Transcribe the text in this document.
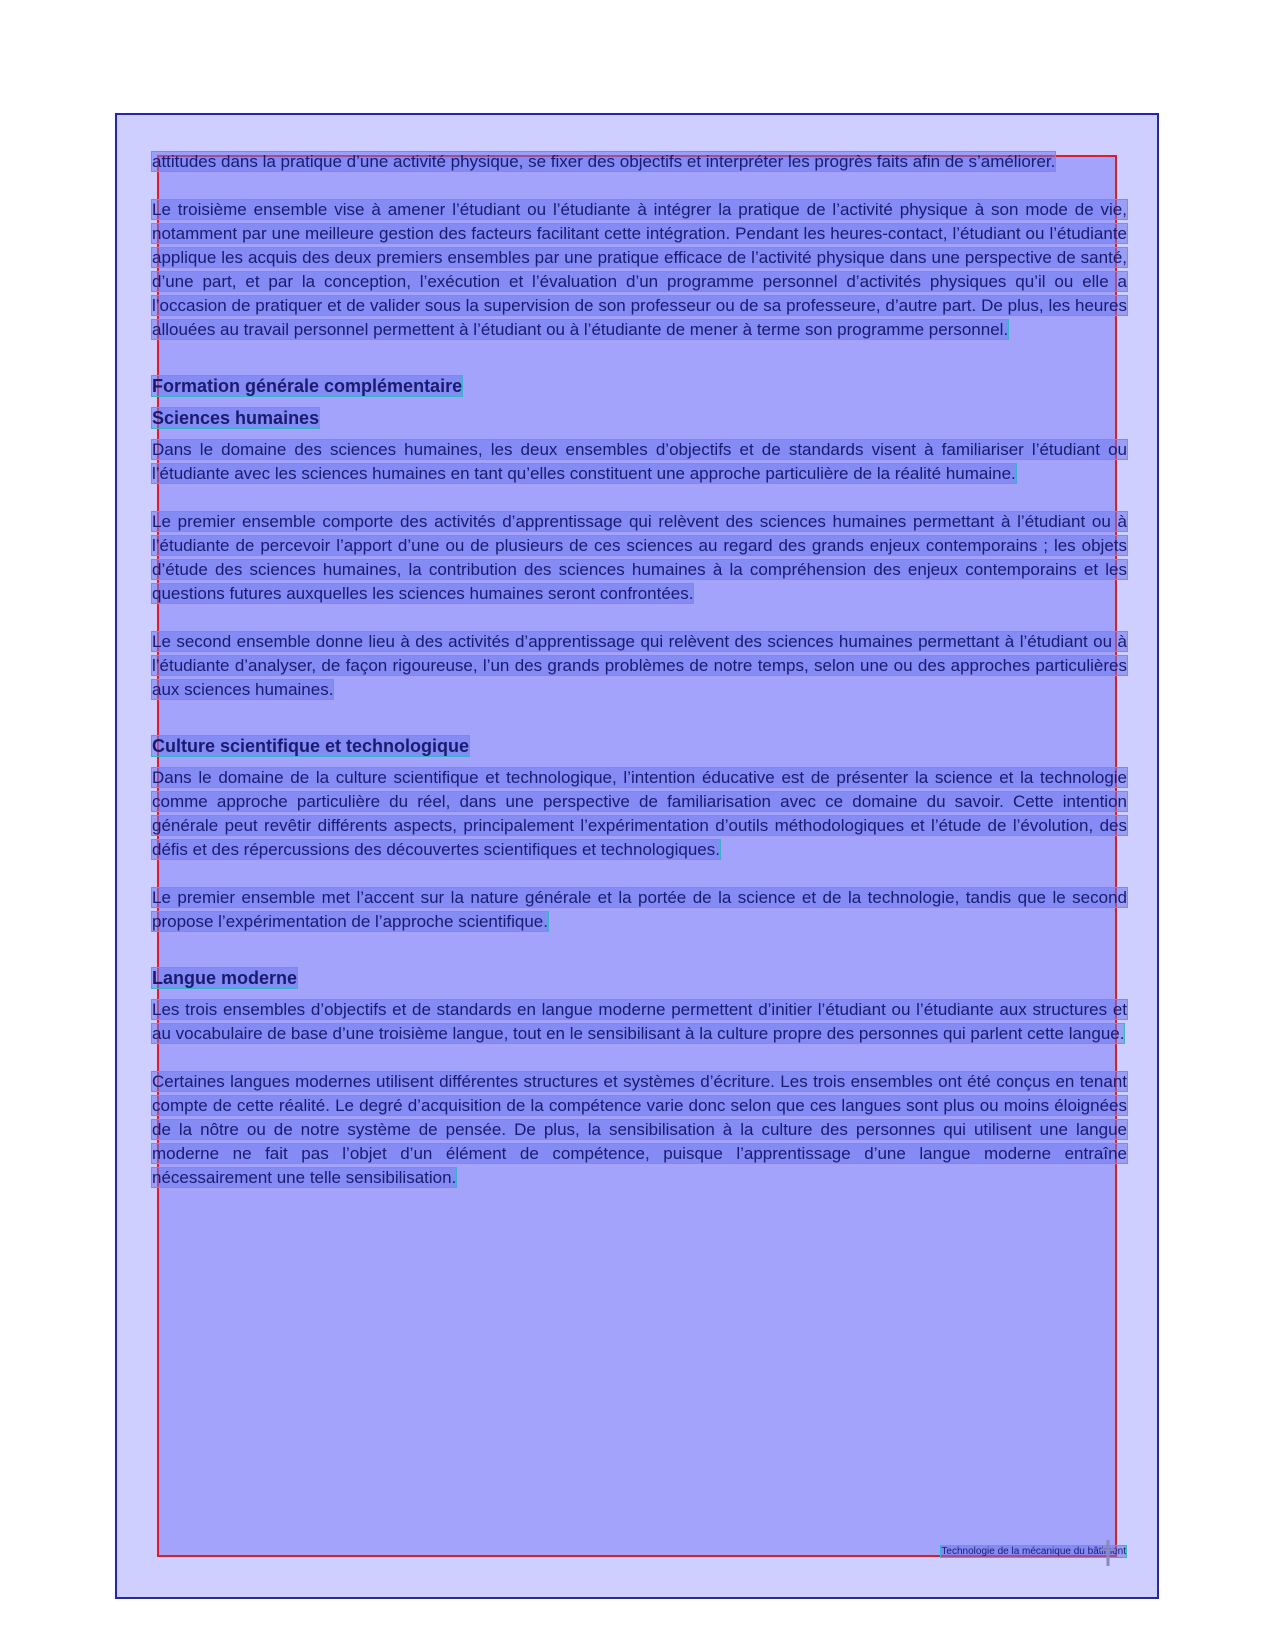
attitudes dans la pratique d’une activité physique, se fixer des objectifs et interpréter les progrès faits afin de s’améliorer.

Le troisième ensemble vise à amener l’étudiant ou l’étudiante à intégrer la pratique de l’activité physique à son mode de vie, notamment par une meilleure gestion des facteurs facilitant cette intégration. Pendant les heures-contact, l’étudiant ou l’étudiante applique les acquis des deux premiers ensembles par une pratique efficace de l’activité physique dans une perspective de santé, d’une part, et par la conception, l’exécution et l’évaluation d’un programme personnel d’activités physiques qu’il ou elle a l’occasion de pratiquer et de valider sous la supervision de son professeur ou de sa professeure, d’autre part. De plus, les heures allouées au travail personnel permettent à l’étudiant ou à l’étudiante de mener à terme son programme personnel.

Formation générale complémentaire
Sciences humaines

Dans le domaine des sciences humaines, les deux ensembles d’objectifs et de standards visent à familiariser l’étudiant ou l’étudiante avec les sciences humaines en tant qu’elles constituent une approche particulière de la réalité humaine.

Le premier ensemble comporte des activités d’apprentissage qui relèvent des sciences humaines permettant à l’étudiant ou à l’étudiante de percevoir l’apport d’une ou de plusieurs de ces sciences au regard des grands enjeux contemporains ; les objets d’étude des sciences humaines, la contribution des sciences humaines à la compréhension des enjeux contemporains et les questions futures auxquelles les sciences humaines seront confrontées.

Le second ensemble donne lieu à des activités d’apprentissage qui relèvent des sciences humaines permettant à l’étudiant ou à l’étudiante d’analyser, de façon rigoureuse, l’un des grands problèmes de notre temps, selon une ou des approches particulières aux sciences humaines.

Culture scientifique et technologique

Dans le domaine de la culture scientifique et technologique, l’intention éducative est de présenter la science et la technologie comme approche particulière du réel, dans une perspective de familiarisation avec ce domaine du savoir. Cette intention générale peut revêtir différents aspects, principalement l’expérimentation d’outils méthodologiques et l’étude de l’évolution, des défis et des répercussions des découvertes scientifiques et technologiques.

Le premier ensemble met l’accent sur la nature générale et la portée de la science et de la technologie, tandis que le second propose l’expérimentation de l’approche scientifique.

Langue moderne

Les trois ensembles d’objectifs et de standards en langue moderne permettent d’initier l’étudiant ou l’étudiante aux structures et au vocabulaire de base d’une troisième langue, tout en le sensibilisant à la culture propre des personnes qui parlent cette langue.

Certaines langues modernes utilisent différentes structures et systèmes d’écriture. Les trois ensembles ont été conçus en tenant compte de cette réalité. Le degré d’acquisition de la compétence varie donc selon que ces langues sont plus ou moins éloignées de la nôtre ou de notre système de pensée. De plus, la sensibilisation à la culture des personnes qui utilisent une langue moderne ne fait pas l’objet d’un élément de compétence, puisque l’apprentissage d’une langue moderne entraîne nécessairement une telle sensibilisation.

Technologie de la mécanique du bâtiment
